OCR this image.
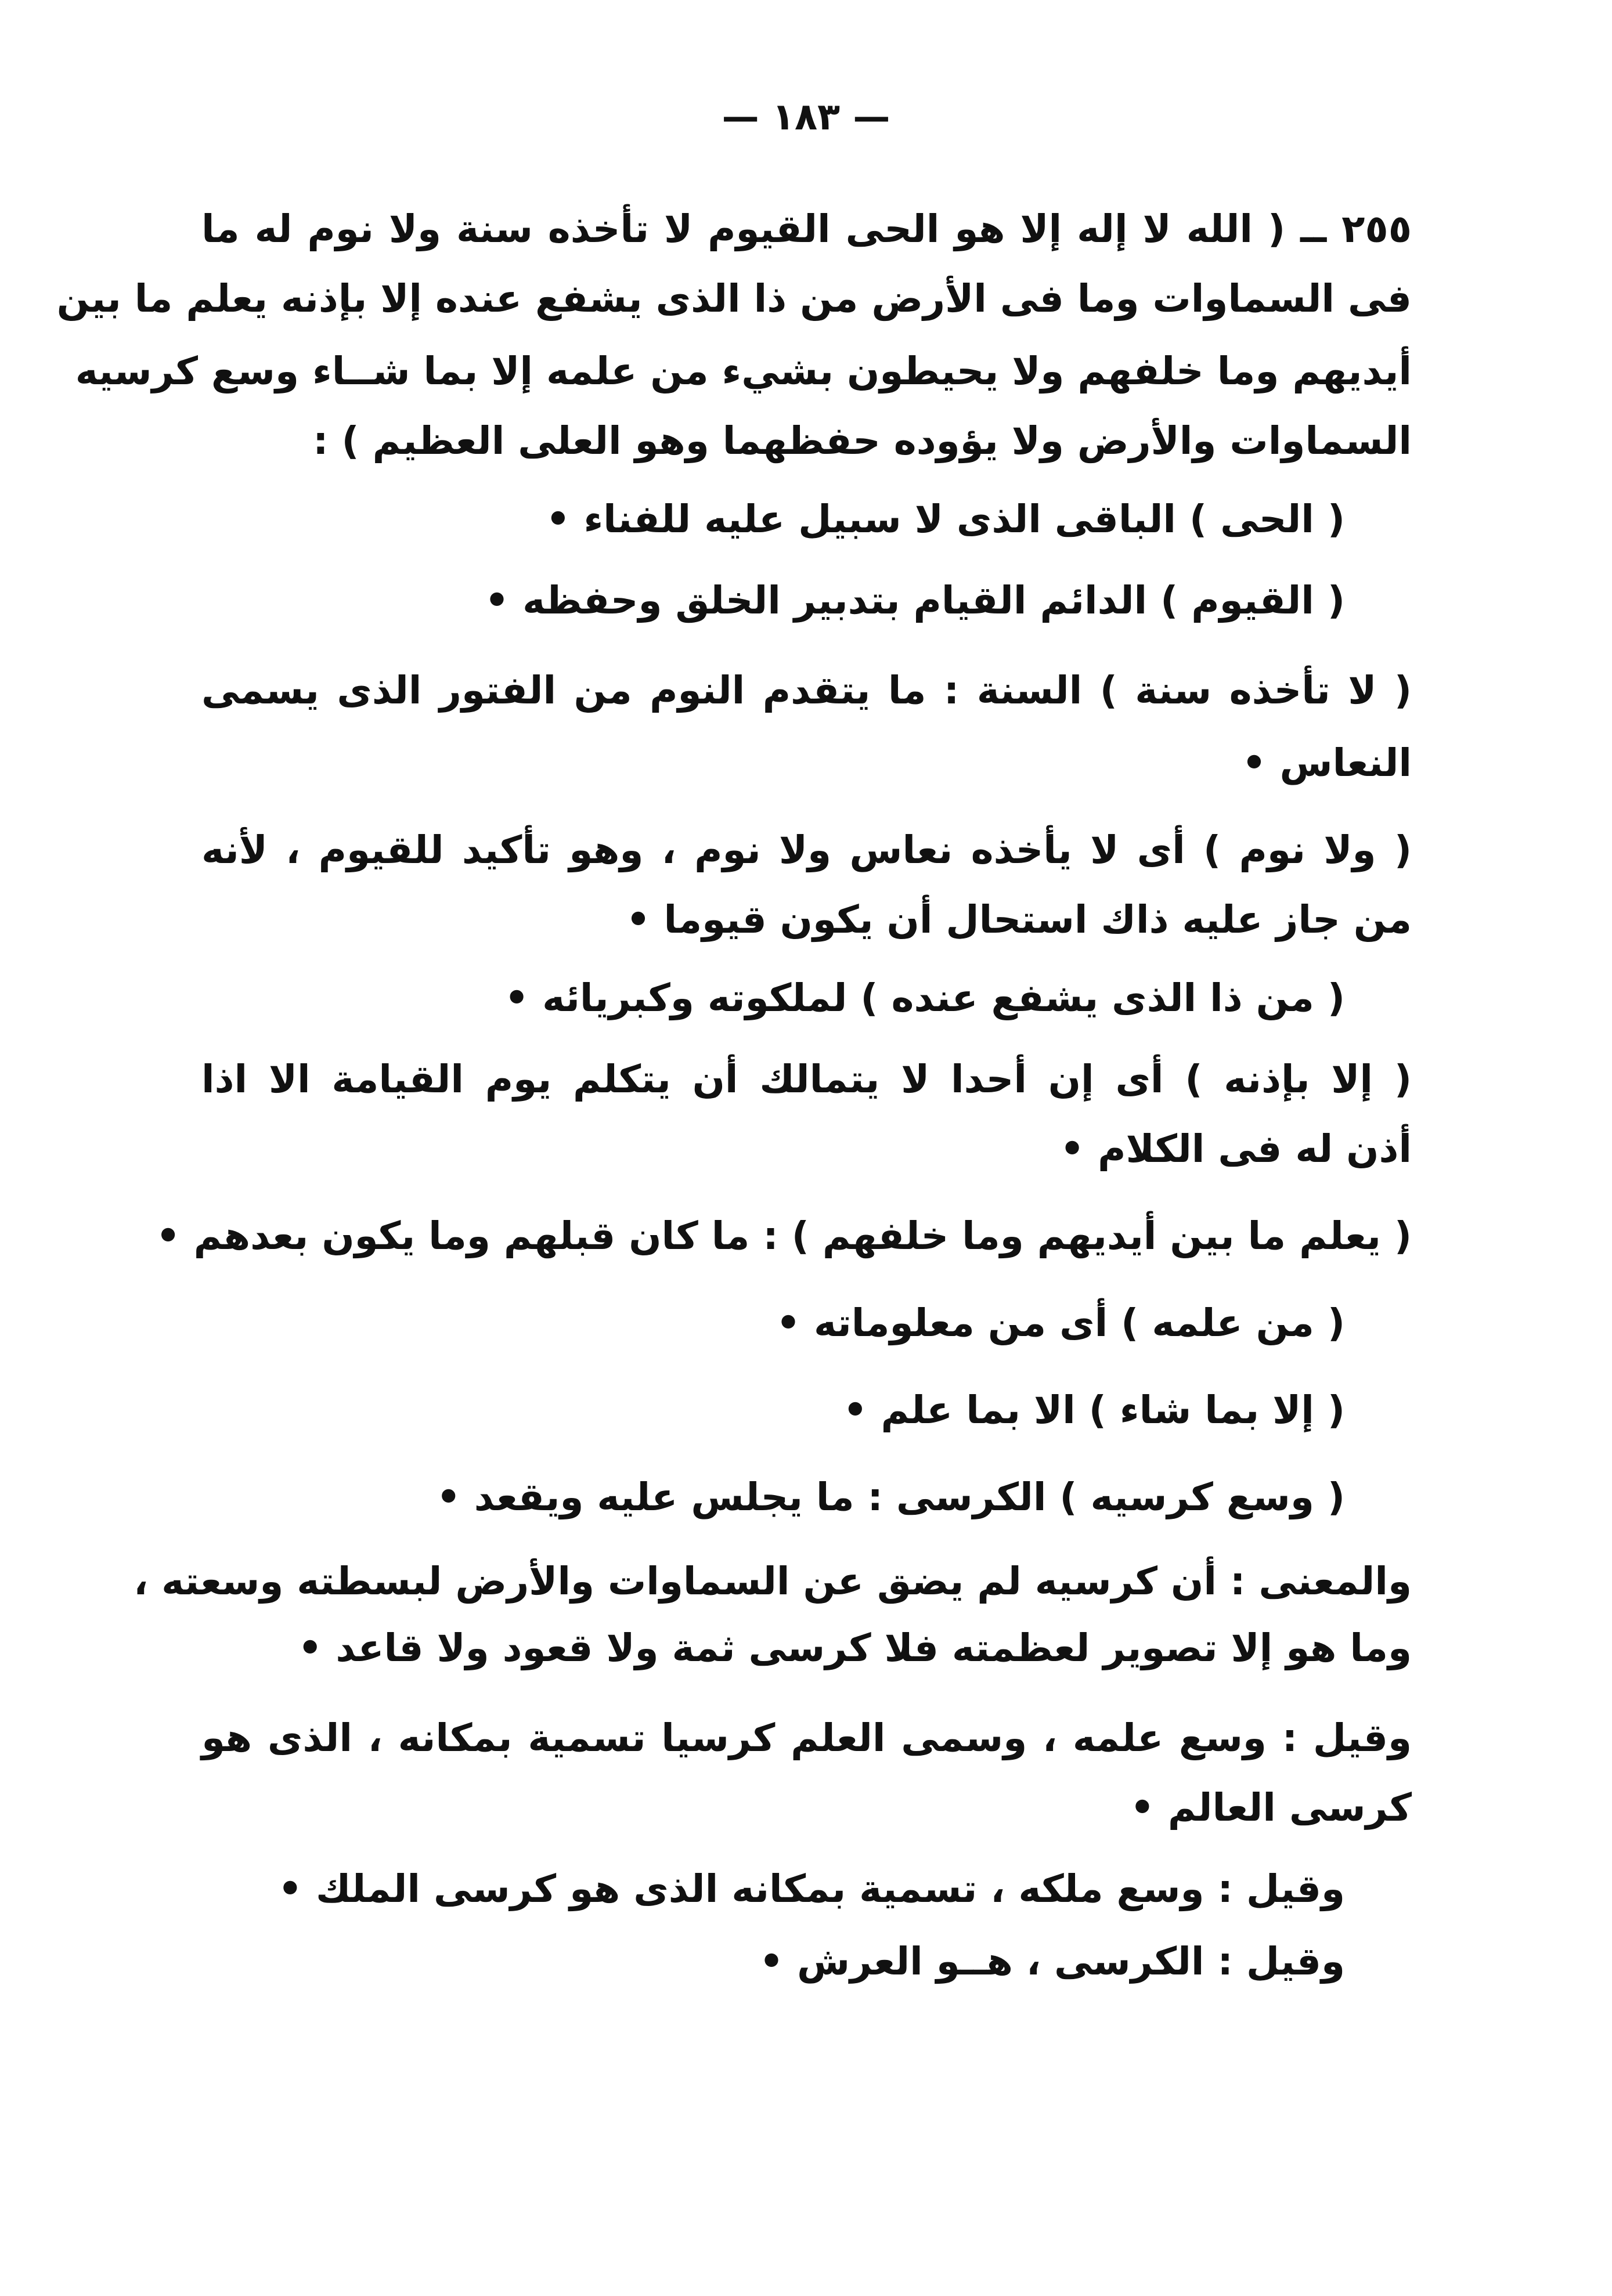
— ١٨٣ —
٢٥٥ ــ ( الله لا إله إلا هو الحى القيوم لا تأخذه سنة ولا نوم له ما
فى السماوات وما فى الأرض من ذا الذى يشفع عنده إلا بإذنه يعلم ما بين
أيديهم وما خلفهم ولا يحيطون بشيء من علمه إلا بما شــاء وسع كرسيه
السماوات والأرض ولا يؤوده حفظهما وهو العلى العظيم ) :
( الحى ) الباقى الذى لا سبيل عليه للفناء •
( القيوم ) الدائم القيام بتدبير الخلق وحفظه •
( لا تأخذه سنة ) السنة : ما يتقدم النوم من الفتور الذى يسمى
النعاس •
( ولا نوم ) أى لا يأخذه نعاس ولا نوم ، وهو تأكيد للقيوم ، لأنه
من جاز عليه ذاك استحال أن يكون قيوما •
( من ذا الذى يشفع عنده ) لملكوته وكبريائه •
( إلا بإذنه ) أى إن أحدا لا يتمالك أن يتكلم يوم القيامة الا اذا
أذن له فى الكلام •
( يعلم ما بين أيديهم وما خلفهم ) : ما كان قبلهم وما يكون بعدهم •
( من علمه ) أى من معلوماته •
( إلا بما شاء ) الا بما علم •
( وسع كرسيه ) الكرسى : ما يجلس عليه ويقعد •
والمعنى : أن كرسيه لم يضق عن السماوات والأرض لبسطته وسعته ،
وما هو إلا تصوير لعظمته فلا كرسى ثمة ولا قعود ولا قاعد •
وقيل : وسع علمه ، وسمى العلم كرسيا تسمية بمكانه ، الذى هو
كرسى العالم •
وقيل : وسع ملكه ، تسمية بمكانه الذى هو كرسى الملك •
وقيل : الكرسى ، هــو العرش •
